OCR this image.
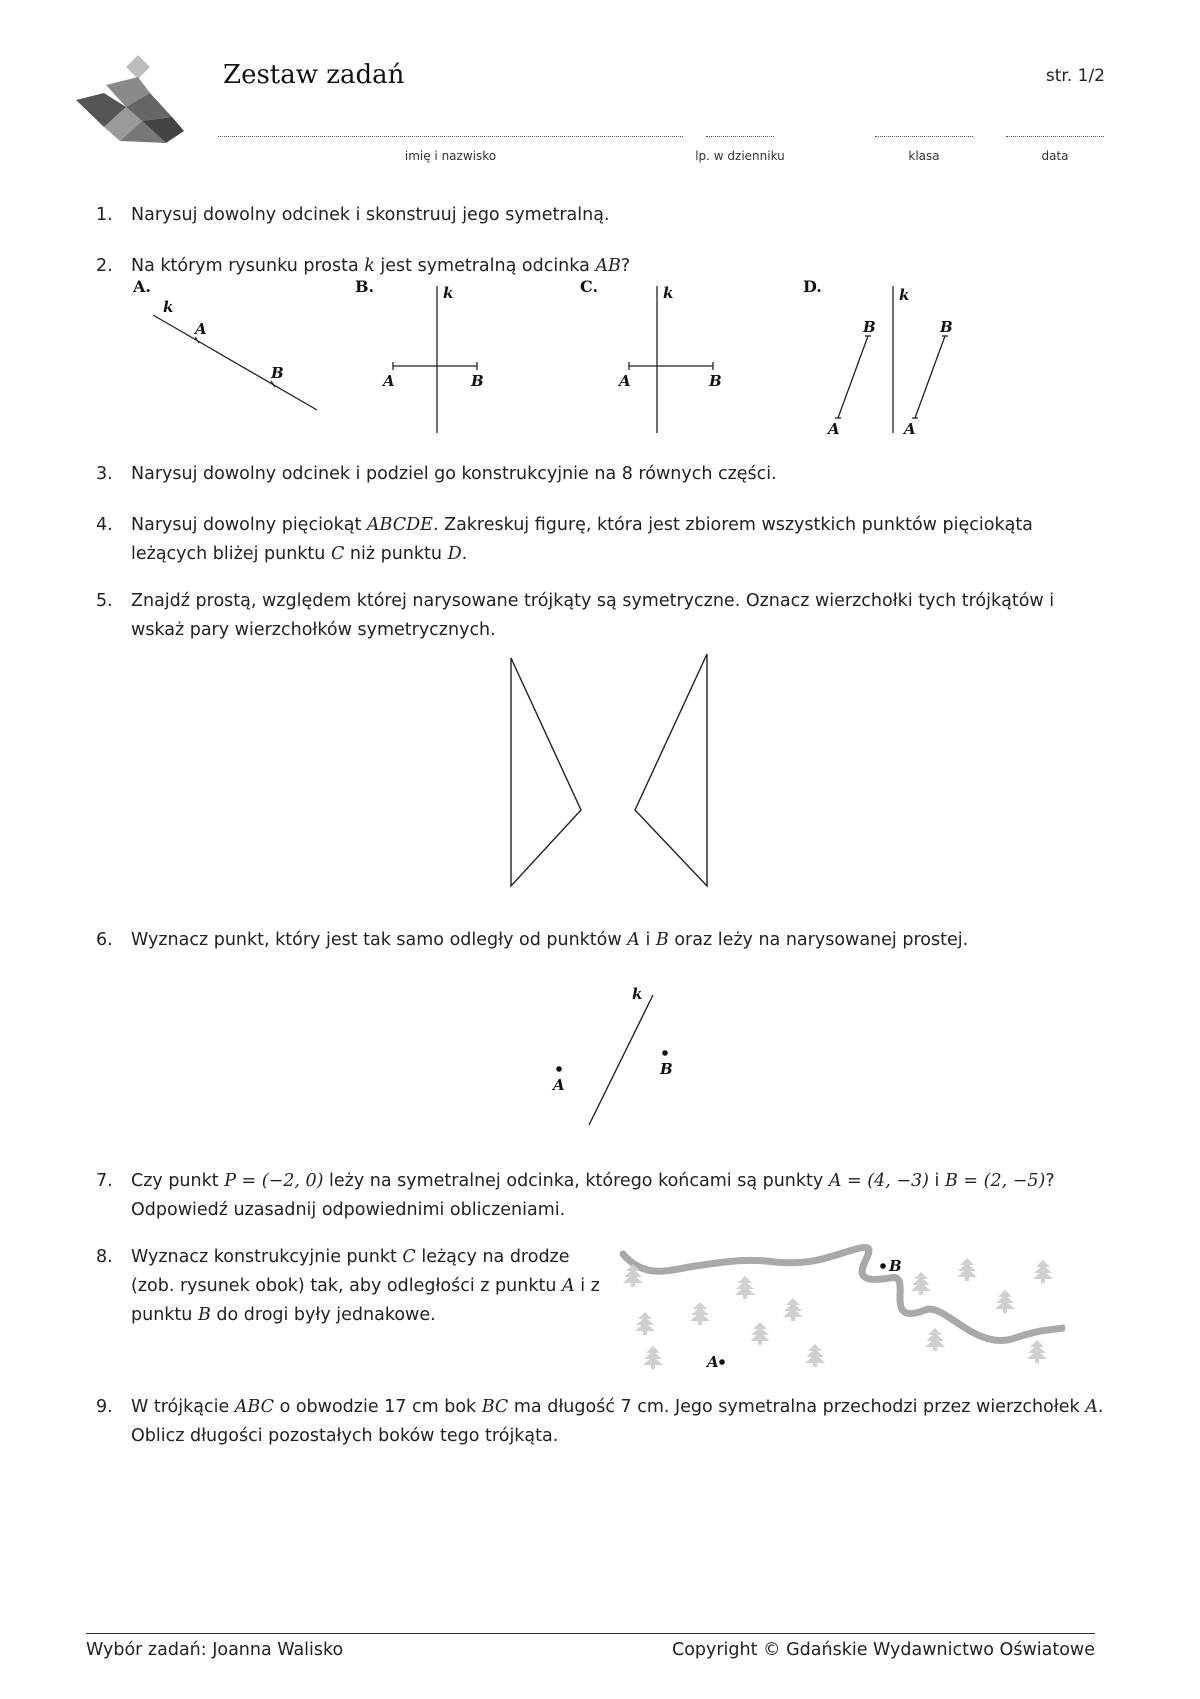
Zestaw zadań	str. 1/2
imię i nazwisko	lp. w dzienniku	klasa	data
1.	Narysuj dowolny odcinek i skonstruuj jego symetralną.
2.	Na którym rysunku prosta k jest symetralną odcinka AB?
A.	B.	C.	D.
k
A
B
k
A	B
k
A	B
k
B	B
A	A
3.	Narysuj dowolny odcinek i podziel go konstrukcyjnie na 8 równych części.
4.	Narysuj dowolny pięciokąt ABCDE. Zakreskuj figurę, która jest zbiorem wszystkich punktów pięciokąta leżących bliżej punktu C niż punktu D.
5.	Znajdź prostą, względem której narysowane trójkąty są symetryczne. Oznacz wierzchołki tych trójkątów i wskaż pary wierzchołków symetrycznych.
6.	Wyznacz punkt, który jest tak samo odległy od punktów A i B oraz leży na narysowanej prostej.
k
A
B
7.	Czy punkt P = (−2, 0) leży na symetralnej odcinka, którego końcami są punkty A = (4, −3) i B = (2, −5)? Odpowiedź uzasadnij odpowiednimi obliczeniami.
8.	Wyznacz konstrukcyjnie punkt C leżący na drodze (zob. rysunek obok) tak, aby odległości z punktu A i z punktu B do drogi były jednakowe.
B
A
9.	W trójkącie ABC o obwodzie 17 cm bok BC ma długość 7 cm. Jego symetralna przechodzi przez wierzchołek A. Oblicz długości pozostałych boków tego trójkąta.
Wybór zadań: Joanna Walisko	Copyright © Gdańskie Wydawnictwo Oświatowe
